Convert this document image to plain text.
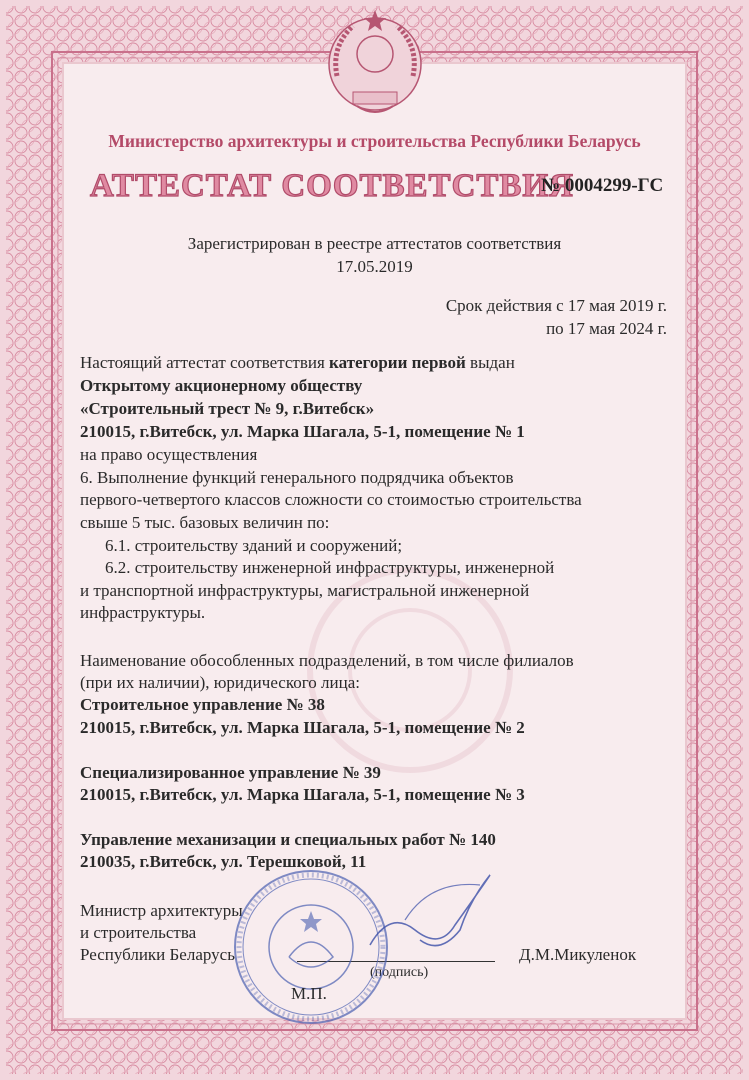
Министерство архитектуры и строительства Республики Беларусь
АТТЕСТАТ СООТВЕТСТВИЯ
№ 0004299-ГС
Зарегистрирован в реестре аттестатов соответствия
17.05.2019
Срок действия с 17 мая 2019 г.
по 17 мая 2024 г.
Настоящий аттестат соответствия категории первой выдан
Открытому акционерному обществу
«Строительный трест № 9, г.Витебск»
210015, г.Витебск, ул. Марка Шагала, 5-1, помещение № 1
на право осуществления
6. Выполнение функций генерального подрядчика объектов
первого-четвертого классов сложности со стоимостью строительства
свыше 5 тыс. базовых величин по:
6.1. строительству зданий и сооружений;
6.2. строительству инженерной инфраструктуры, инженерной
и транспортной инфраструктуры, магистральной инженерной
инфраструктуры.
Наименование обособленных подразделений, в том числе филиалов
(при их наличии), юридического лица:
Строительное управление № 38
210015, г.Витебск, ул. Марка Шагала, 5-1, помещение № 2
Специализированное управление № 39
210015, г.Витебск, ул. Марка Шагала, 5-1, помещение № 3
Управление механизации и специальных работ № 140
210035, г.Витебск, ул. Терешковой, 11
Министр архитектуры
и строительства
Республики Беларусь
(подпись)
Д.М.Микуленок
М.П.
